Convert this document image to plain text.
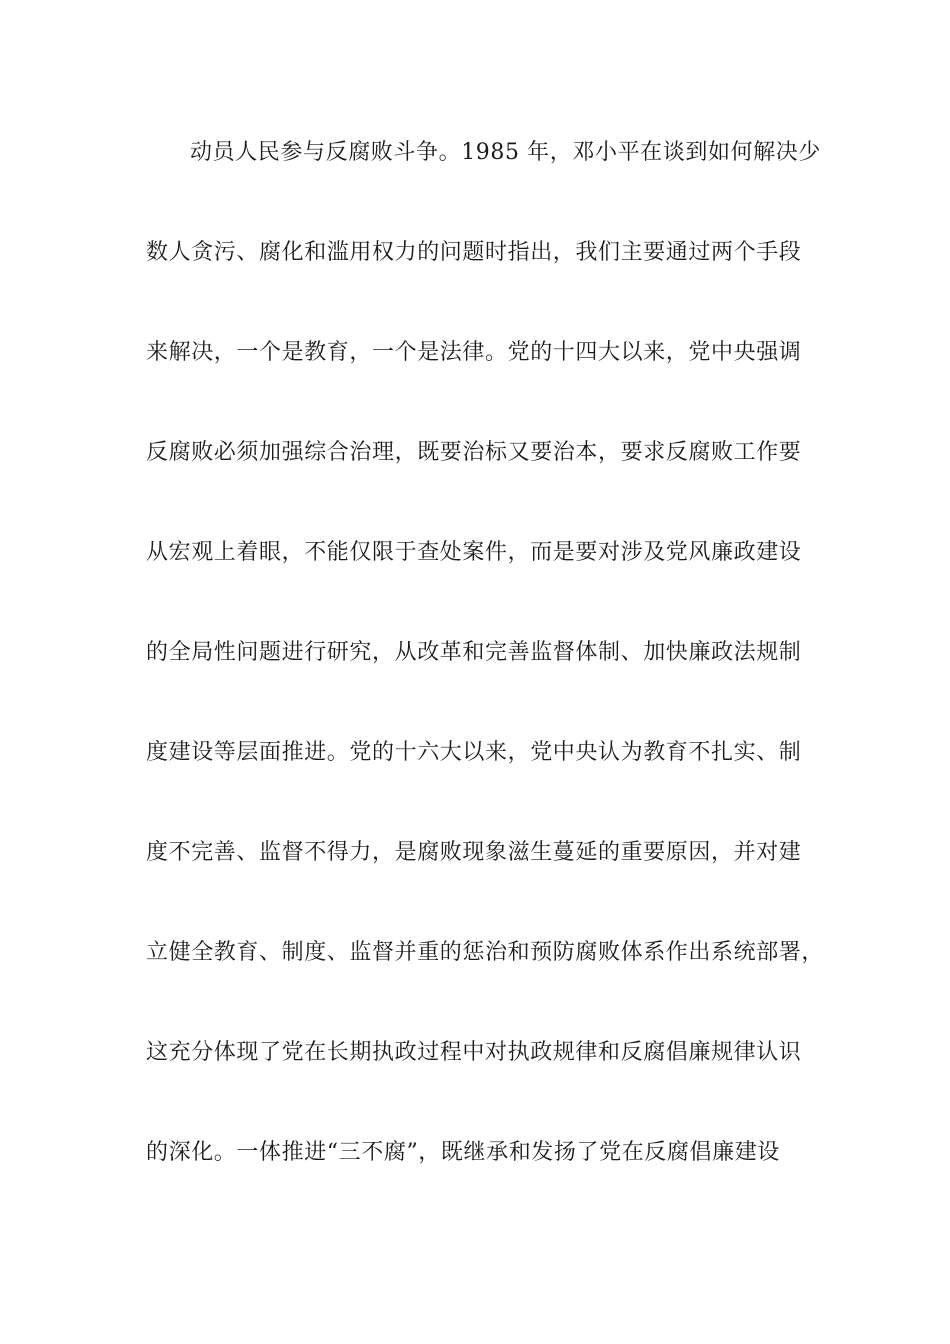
动员人民参与反腐败斗争。1985 年，邓小平在谈到如何解决少
数人贪污、腐化和滥用权力的问题时指出，我们主要通过两个手段
来解决，一个是教育，一个是法律。党的十四大以来，党中央强调
反腐败必须加强综合治理，既要治标又要治本，要求反腐败工作要
从宏观上着眼，不能仅限于查处案件，而是要对涉及党风廉政建设
的全局性问题进行研究，从改革和完善监督体制、加快廉政法规制
度建设等层面推进。党的十六大以来，党中央认为教育不扎实、制
度不完善、监督不得力，是腐败现象滋生蔓延的重要原因，并对建
立健全教育、制度、监督并重的惩治和预防腐败体系作出系统部署，
这充分体现了党在长期执政过程中对执政规律和反腐倡廉规律认识
的深化。一体推进“三不腐”，既继承和发扬了党在反腐倡廉建设
